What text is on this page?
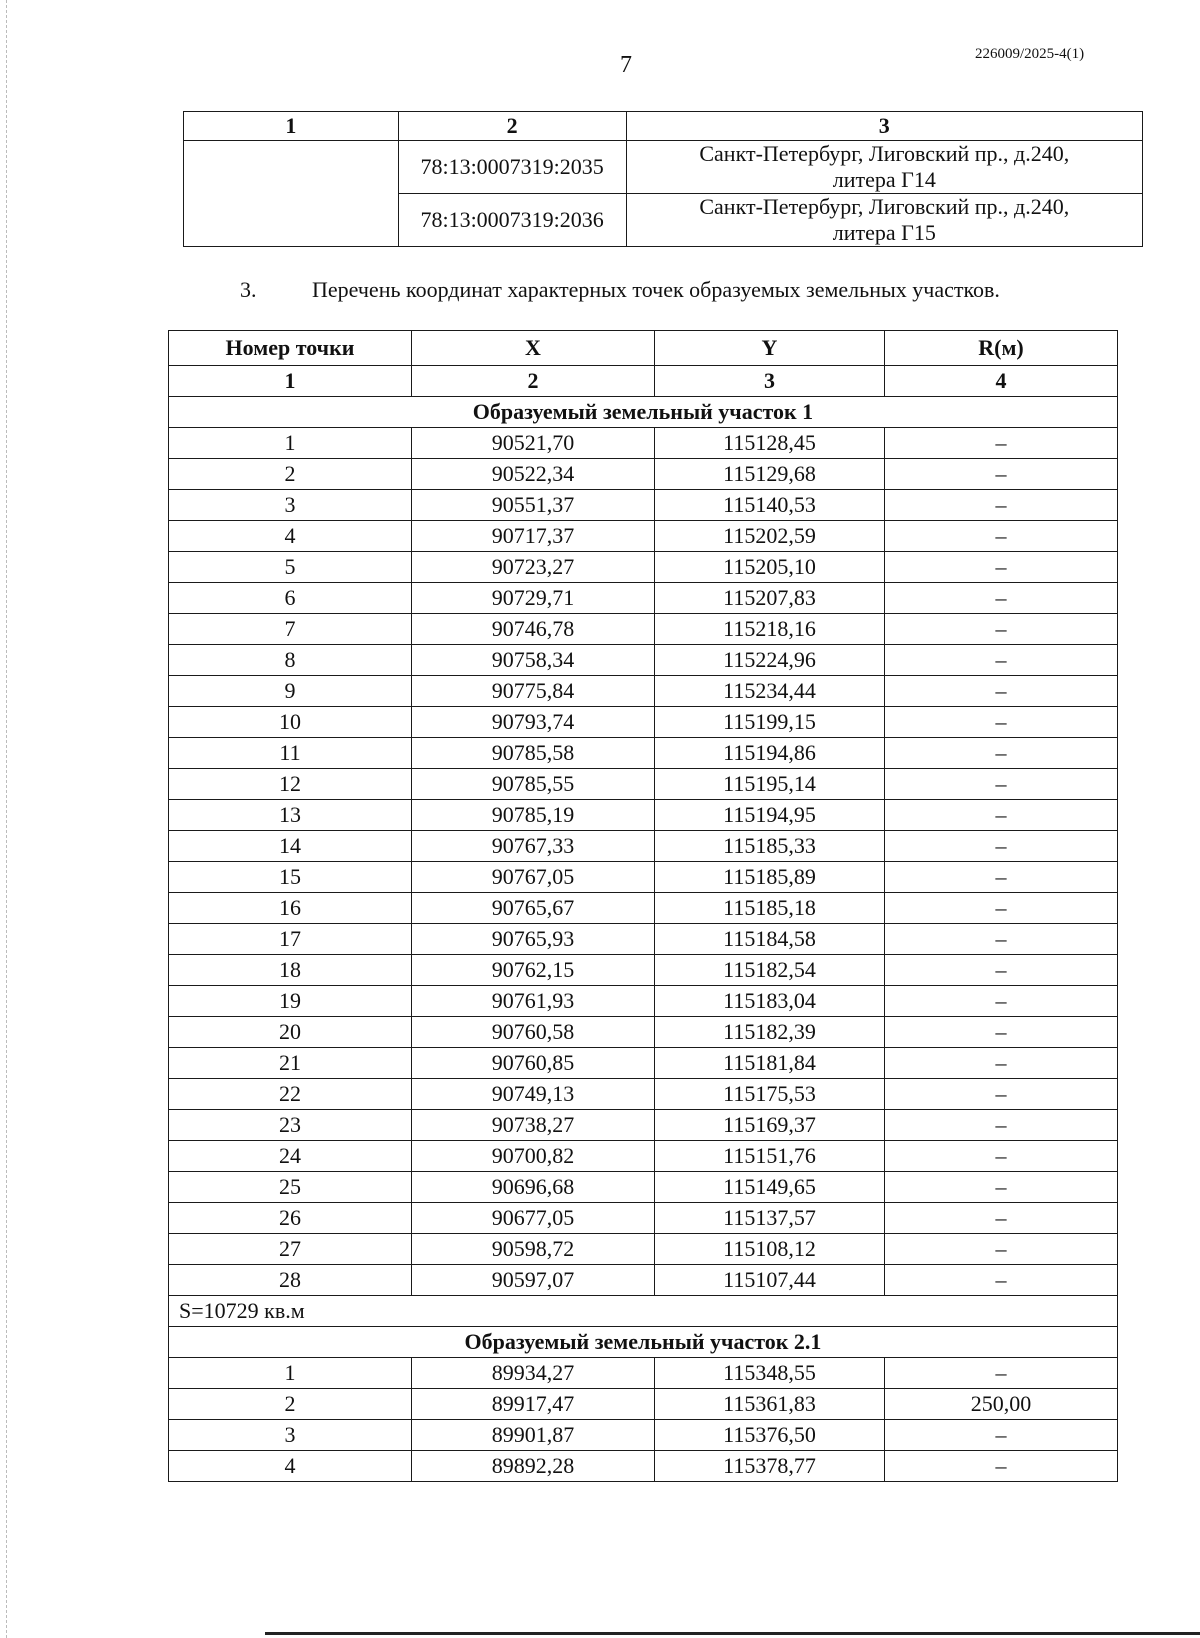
7	226009/2025-4(1)
1	2	3
	78:13:0007319:2035	Санкт-Петербург, Лиговский пр., д.240,
литера Г14
	78:13:0007319:2036	Санкт-Петербург, Лиговский пр., д.240,
литера Г15
3.	Перечень координат характерных точек образуемых земельных участков.
Номер точки	X	Y	R(м)
1	2	3	4
Образуемый земельный участок 1			
1	90521,70	115128,45	–
2	90522,34	115129,68	–
3	90551,37	115140,53	–
4	90717,37	115202,59	–
5	90723,27	115205,10	–
6	90729,71	115207,83	–
7	90746,78	115218,16	–
8	90758,34	115224,96	–
9	90775,84	115234,44	–
10	90793,74	115199,15	–
11	90785,58	115194,86	–
12	90785,55	115195,14	–
13	90785,19	115194,95	–
14	90767,33	115185,33	–
15	90767,05	115185,89	–
16	90765,67	115185,18	–
17	90765,93	115184,58	–
18	90762,15	115182,54	–
19	90761,93	115183,04	–
20	90760,58	115182,39	–
21	90760,85	115181,84	–
22	90749,13	115175,53	–
23	90738,27	115169,37	–
24	90700,82	115151,76	–
25	90696,68	115149,65	–
26	90677,05	115137,57	–
27	90598,72	115108,12	–
28	90597,07	115107,44	–
S=10729 кв.м			
Образуемый земельный участок 2.1			
1	89934,27	115348,55	–
2	89917,47	115361,83	250,00
3	89901,87	115376,50	–
4	89892,28	115378,77	–
